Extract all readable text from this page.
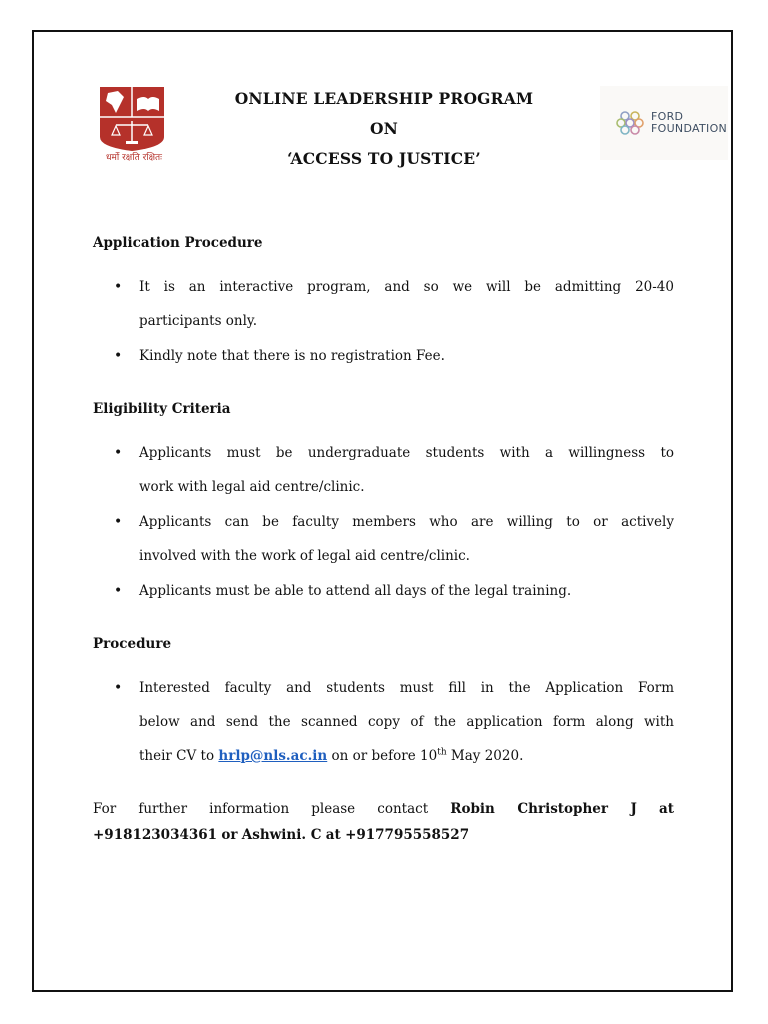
धर्मो रक्षति रक्षितः
ONLINE LEADERSHIP PROGRAM
ON
‘ACCESS TO JUSTICE’
FORD
FOUNDATION
Application Procedure
• It is an interactive program, and so we will be admitting 20-40
participants only.
• Kindly note that there is no registration Fee.
Eligibility Criteria
• Applicants must be undergraduate students with a willingness to
work with legal aid centre/clinic.
• Applicants can be faculty members who are willing to or actively
involved with the work of legal aid centre/clinic.
• Applicants must be able to attend all days of the legal training.
Procedure
• Interested faculty and students must fill in the Application Form
below and send the scanned copy of the application form along with
their CV to hrlp@nls.ac.in on or before 10th May 2020.
For further information please contact Robin Christopher J at
+918123034361 or Ashwini. C at +917795558527
